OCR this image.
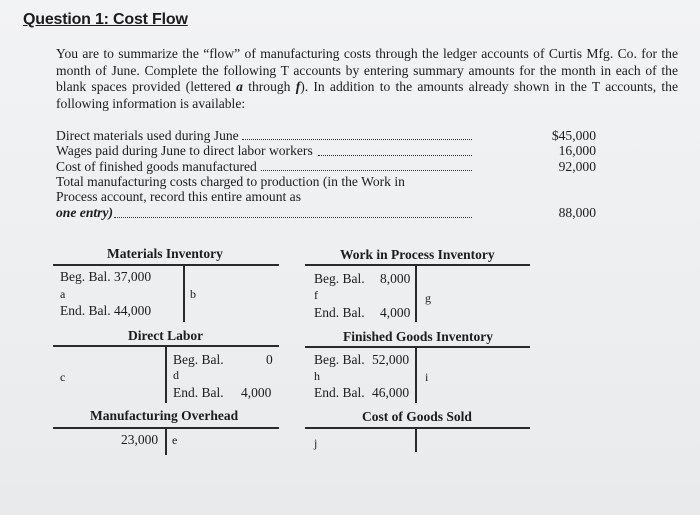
Question 1: Cost Flow
You are to summarize the “flow” of manufacturing costs through the ledger accounts of Curtis Mfg. Co. for the month of June. Complete the following T accounts by entering summary amounts for the month in each of the blank spaces provided (lettered a through f). In addition to the amounts already shown in the T accounts, the following information is available:
Direct materials used during June	$45,000
Wages paid during June to direct labor workers	16,000
Cost of finished goods manufactured	92,000
Total manufacturing costs charged to production (in the Work in
Process account, record this entire amount as
one entry)	88,000
Materials Inventory
Beg. Bal. 37,000
a	b
End. Bal. 44,000
Work in Process Inventory
Beg. Bal. 8,000
f	g
End. Bal. 4,000
Direct Labor
c
Beg. Bal.	0
d
End. Bal. 4,000
Finished Goods Inventory
Beg. Bal. 52,000
h	i
End. Bal. 46,000
Manufacturing Overhead
23,000 e
Cost of Goods Sold
j
